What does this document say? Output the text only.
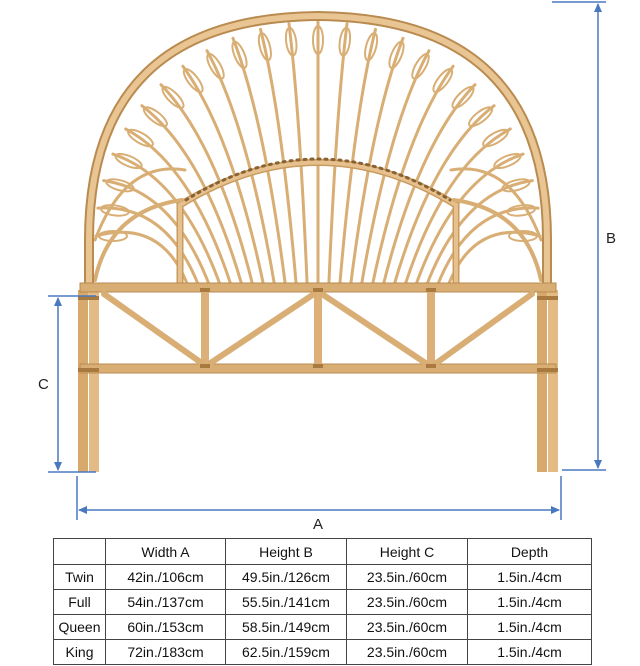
B
C
A
	Width A	Height B	Height C	Depth
Twin	42in./106cm	49.5in./126cm	23.5in./60cm	1.5in./4cm
Full	54in./137cm	55.5in./141cm	23.5in./60cm	1.5in./4cm
Queen	60in./153cm	58.5in./149cm	23.5in./60cm	1.5in./4cm
King	72in./183cm	62.5in./159cm	23.5in./60cm	1.5in./4cm
